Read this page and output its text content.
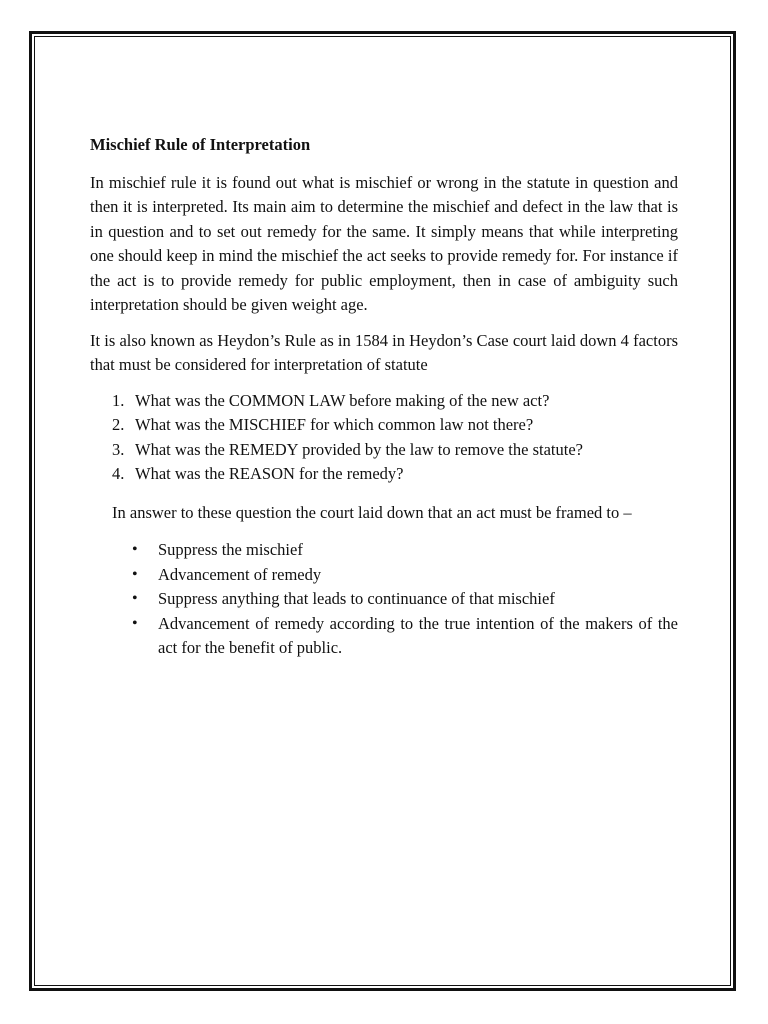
Mischief Rule of Interpretation

In mischief rule it is found out what is mischief or wrong in the statute in question and then it is interpreted. Its main aim to determine the mischief and defect in the law that is in question and to set out remedy for the same. It simply means that while interpreting one should keep in mind the mischief the act seeks to provide remedy for. For instance if the act is to provide remedy for public employment, then in case of ambiguity such interpretation should be given weight age.

It is also known as Heydon’s Rule as in 1584 in Heydon’s Case court laid down 4 factors that must be considered for interpretation of statute

1. What was the COMMON LAW before making of the new act?
2. What was the MISCHIEF for which common law not there?
3. What was the REMEDY provided by the law to remove the statute?
4. What was the REASON for the remedy?

In answer to these question the court laid down that an act must be framed to –

• Suppress the mischief
• Advancement of remedy
• Suppress anything that leads to continuance of that mischief
• Advancement of remedy according to the true intention of the makers of the act for the benefit of public.
